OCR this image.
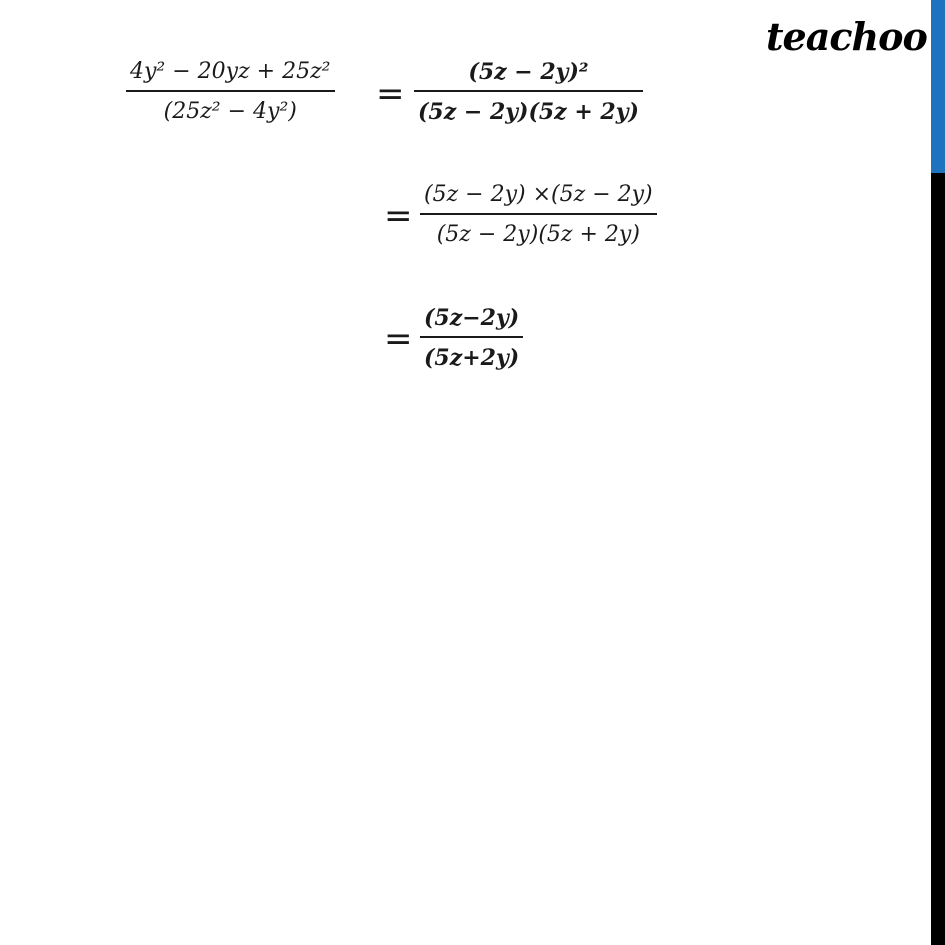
teachoo
4y² − 20yz + 25z²
(25z² − 4y²) =
(5z − 2y)²
(5z − 2y)(5z + 2y)
=
(5z − 2y) ×(5z − 2y)
(5z − 2y)(5z + 2y)
=
(5z−2y)
(5z+2y)
